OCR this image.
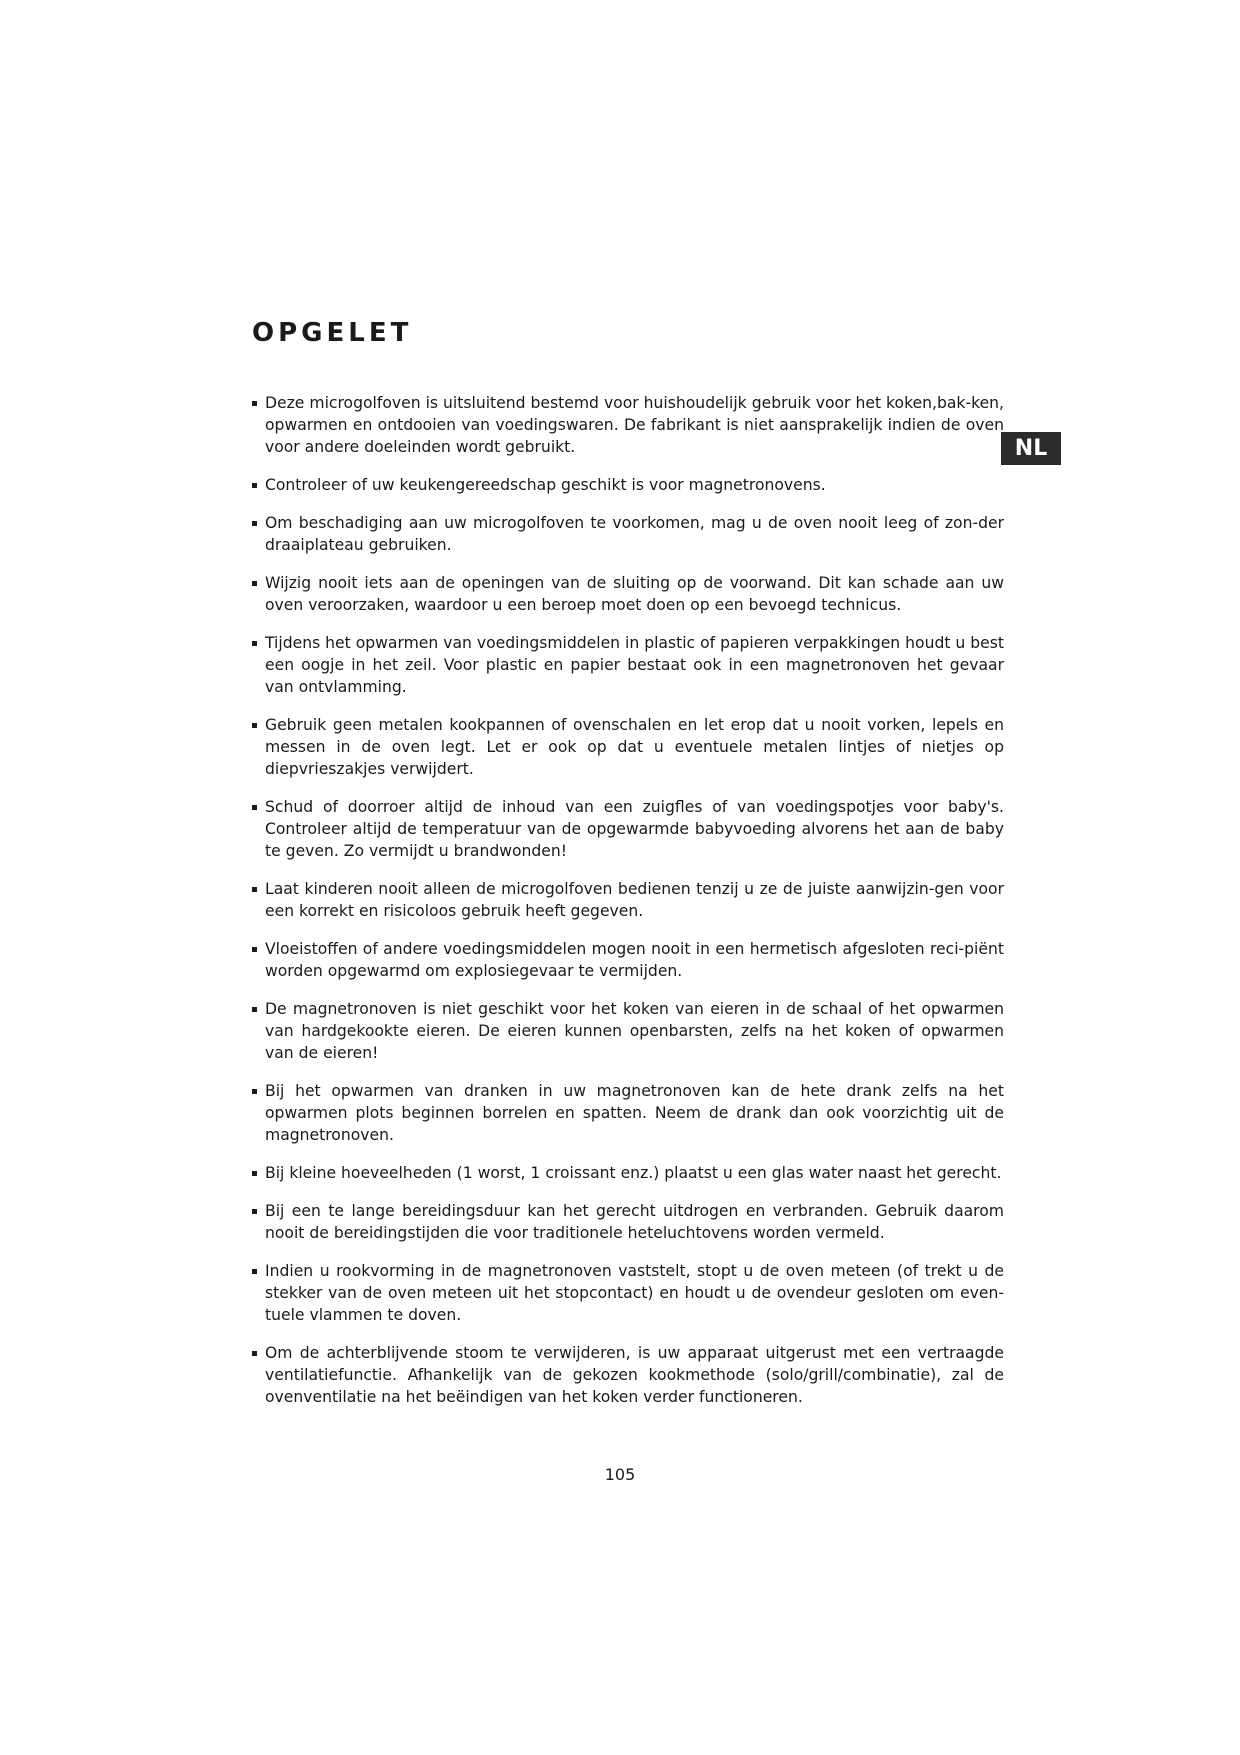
OPGELET
NL
Deze microgolfoven is uitsluitend bestemd voor huishoudelijk gebruik voor het koken,bak-ken, opwarmen en ontdooien van voedingswaren. De fabrikant is niet aansprakelijk indien de oven voor andere doeleinden wordt gebruikt.
Controleer of uw keukengereedschap geschikt is voor magnetronovens.
Om beschadiging aan uw microgolfoven te voorkomen, mag u de oven nooit leeg of zon-der draaiplateau gebruiken.
Wijzig nooit iets aan de openingen van de sluiting op de voorwand. Dit kan schade aan uw oven veroorzaken, waardoor u een beroep moet doen op een bevoegd technicus.
Tijdens het opwarmen van voedingsmiddelen in plastic of papieren verpakkingen houdt u best een oogje in het zeil. Voor plastic en papier bestaat ook in een magnetronoven het gevaar van ontvlamming.
Gebruik geen metalen kookpannen of ovenschalen en let erop dat u nooit vorken, lepels en messen in de oven legt. Let er ook op dat u eventuele metalen lintjes of nietjes op diepvrieszakjes verwijdert.
Schud of doorroer altijd de inhoud van een zuigfles of van voedingspotjes voor baby's. Controleer altijd de temperatuur van de opgewarmde babyvoeding alvorens het aan de baby te geven. Zo vermijdt u brandwonden!
Laat kinderen nooit alleen de microgolfoven bedienen tenzij u ze de juiste aanwijzin-gen voor een korrekt en risicoloos gebruik heeft gegeven.
Vloeistoffen of andere voedingsmiddelen mogen nooit in een hermetisch afgesloten reci-piënt worden opgewarmd om explosiegevaar te vermijden.
De magnetronoven is niet geschikt voor het koken van eieren in de schaal of het opwarmen van hardgekookte eieren. De eieren kunnen openbarsten, zelfs na het koken of opwarmen van de eieren!
Bij het opwarmen van dranken in uw magnetronoven kan de hete drank zelfs na het opwarmen plots beginnen borrelen en spatten. Neem de drank dan ook voorzichtig uit de magnetronoven.
Bij kleine hoeveelheden (1 worst, 1 croissant enz.) plaatst u een glas water naast het gerecht.
Bij een te lange bereidingsduur kan het gerecht uitdrogen en verbranden. Gebruik daarom nooit de bereidingstijden die voor traditionele heteluchtovens worden vermeld.
Indien u rookvorming in de magnetronoven vaststelt, stopt u de oven meteen (of trekt u de stekker van de oven meteen uit het stopcontact) en houdt u de ovendeur gesloten om even-tuele vlammen te doven.
Om de achterblijvende stoom te verwijderen, is uw apparaat uitgerust met een vertraagde ventilatiefunctie. Afhankelijk van de gekozen kookmethode (solo/grill/combinatie), zal de ovenventilatie na het beëindigen van het koken verder functioneren.
105
